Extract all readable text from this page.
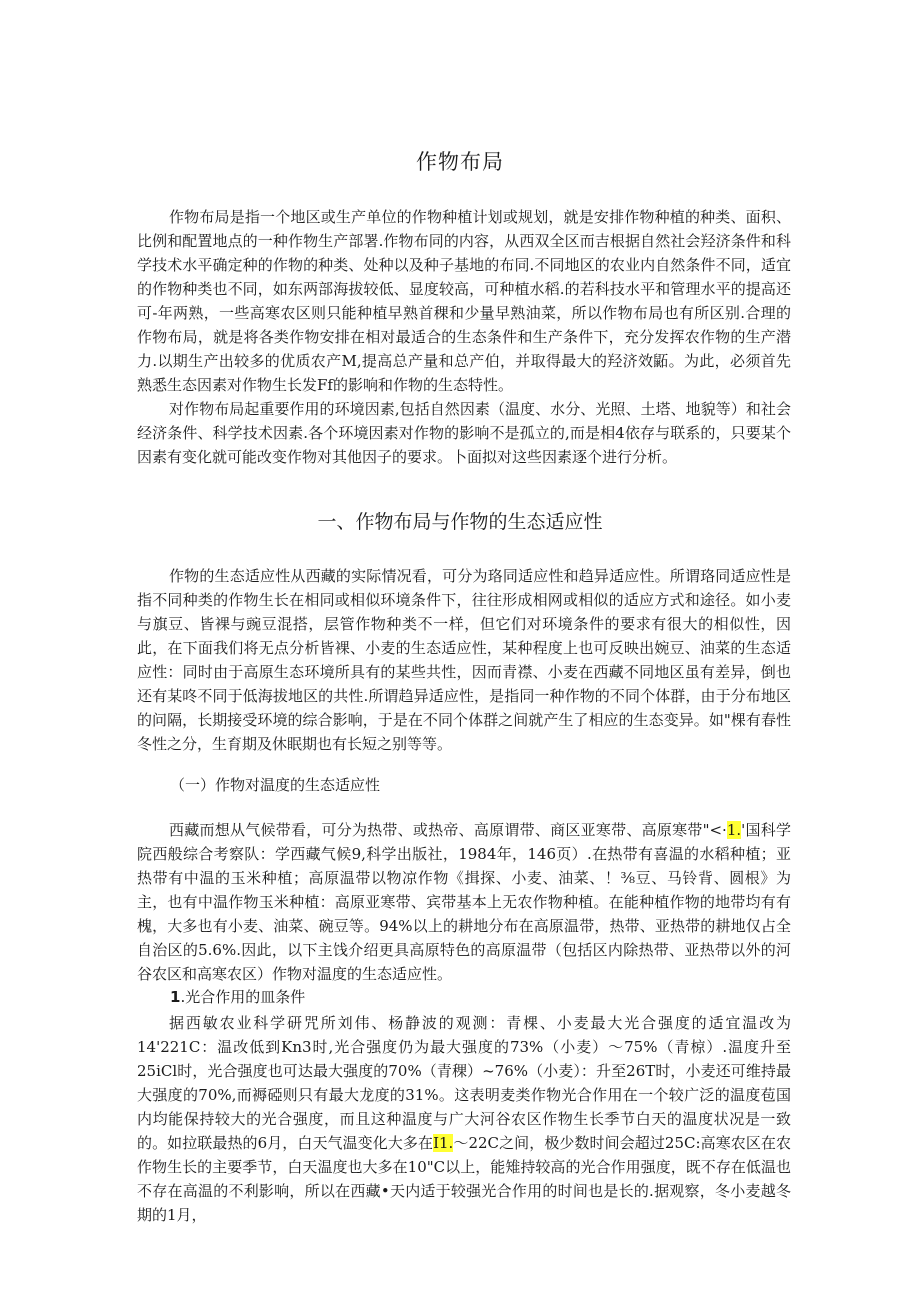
作物布局

作物布局是指一个地区或生产单位的作物种植计划或规划，就是安排作物种植的种类、面积、比例和配置地点的一种作物生产部署.作物布同的内容，从西双全区而吉根据自然社会羟济条件和科学技术水平确定种的作物的种类、处种以及种子基地的布同.不同地区的农业内自然条件不同，适宜的作物种类也不同，如东两部海拔较低、显度较高，可种植水稻.的若科技水平和管理水平的提高还可-年两熟，一些高寒农区则只能种植早熟首稞和少量早熟油菜，所以作物布局也有所区别.合理的作物布局，就是将各类作物安排在相对最适合的生态条件和生产条件下，充分发挥农作物的生产潜力.以期生产出较多的优质农产M,提高总产量和总产伯，并取得最大的羟济效鼫。为此，必须首先熟悉生态因素对作物生长发Ff的影响和作物的生态特性。

对作物布局起重要作用的环境因素,包括自然因素（温度、水分、光照、土塔、地貌等）和社会经济条件、科学技术因素.各个环境因素对作物的影响不是孤立的,而是相4依存与联系的，只要某个因素有变化就可能改变作物对其他因子的要求。卜面拟对这些因素逐个进行分析。

一、作物布局与作物的生态适应性

作物的生态适应性从西藏的实际情况看，可分为珞同适应性和趋异适应性。所谓珞同适应性是指不同种类的作物生长在相同或相似环境条件下，往往形成相网或相似的适应方式和途径。如小麦与旗豆、皆裸与豌豆混搭，层管作物种类不一样，但它们对环境条件的要求有很大的相似性，因此，在下面我们将无点分析皆裸、小麦的生态适应性，某种程度上也可反映出婉豆、油菜的生态适应性：同时由于高原生态环境所具有的某些共性，因而青襟、小麦在西藏不同地区虽有差异，倒也还有某咚不同于低海拔地区的共性.所谓趋异适应性，是指同一种作物的不同个体群，由于分布地区的问隔，长期接受环境的综合影响，于是在不同个体群之间就产生了相应的生态变异。如"棵有春性冬性之分，生育期及休眠期也有长短之别等等。

（一）作物对温度的生态适应性

西藏而想从气候带看，可分为热带、或热帝、高原谓带、商区亚寒带、高原寒带"<·1.'国科学院西般综合考察队：学西藏气候9,科学出版社，1984年，146页）.在热带有喜温的水稻种植；亚热带有中温的玉米种植；高原温带以物凉作物《揖探、小麦、油菜、！⅜豆、马铃背、圆根》为主，也有中温作物玉米种植：高原亚寒带、宾带基本上无农作物种植。在能种植作物的地带均有有槐，大多也有小麦、油菜、碗豆等。94%以上的耕地分布在高原温带，热带、亚热带的耕地仅占全自治区的5.6%.因此，以下主饯介绍更具高原特色的高原温带（包括区内除热带、亚热带以外的河谷农区和高寒农区）作物对温度的生态适应性。

1.光合作用的皿条件

据西敏农业科学研咒所刘伟、杨静波的观测：青棵、小麦最大光合强度的适宜温改为14'221C：温改低到Kn3时,光合强度仍为最大强度的73%（小麦）〜75%（青椋）.温度升至25iCl时，光合强度也可达最大强度的70%（青稞）~76%（小麦）：升至26T时，小麦还可维持最大强度的70%,而褥䃁则只有最大龙度的31%。这表明麦类作物光合作用在一个较广泛的温度苞国内均能保持较大的光合强度，而且这种温度与广大河谷农区作物生长季节白天的温度状况是一致的。如拉联最热的6月，白天气温变化大多在I1.〜22C之间，极少数时间会超过25C:高寒农区在农作物生长的主要季节，白天温度也大多在10"C以上，能雉持较高的光合作用强度，既不存在低温也不存在高温的不利影响，所以在西藏•天内适于较强光合作用的时间也是长的.据观察，冬小麦越冬期的1月，
